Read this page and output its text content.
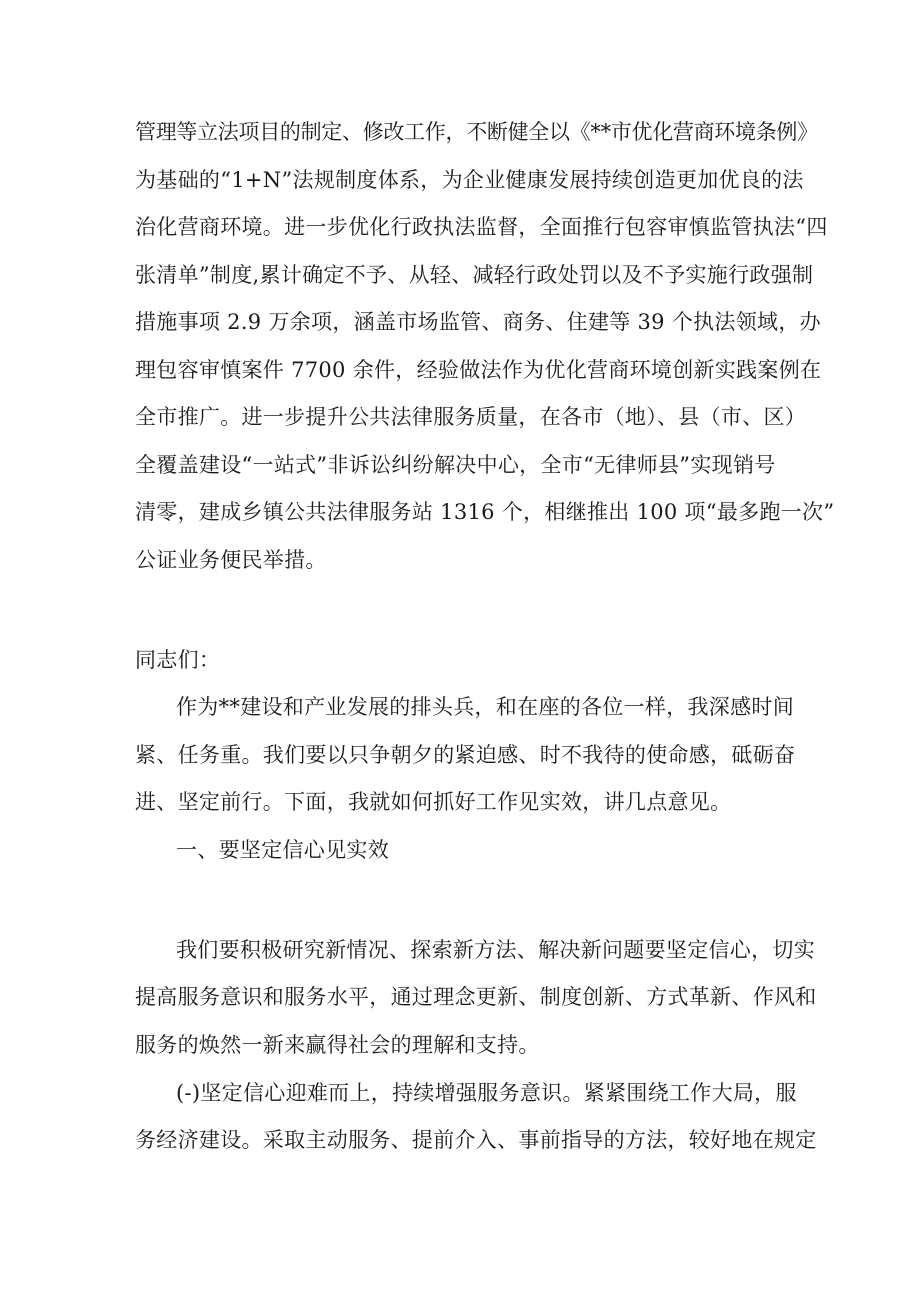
管理等立法项目的制定、修改工作，不断健全以《**市优化营商环境条例》
为基础的“1+N”法规制度体系，为企业健康发展持续创造更加优良的法
治化营商环境。进一步优化行政执法监督，全面推行包容审慎监管执法“四
张清单”制度,累计确定不予、从轻、减轻行政处罚以及不予实施行政强制
措施事项 2.9 万余项，涵盖市场监管、商务、住建等 39 个执法领域，办
理包容审慎案件 7700 余件，经验做法作为优化营商环境创新实践案例在
全市推广。进一步提升公共法律服务质量，在各市（地）、县（市、区）
全覆盖建设“一站式”非诉讼纠纷解决中心，全市“无律师县”实现销号
清零，建成乡镇公共法律服务站 1316 个，相继推出 100 项“最多跑一次”
公证业务便民举措。
同志们：
作为**建设和产业发展的排头兵，和在座的各位一样，我深感时间
紧、任务重。我们要以只争朝夕的紧迫感、时不我待的使命感，砥砺奋
进、坚定前行。下面，我就如何抓好工作见实效，讲几点意见。
一、要坚定信心见实效
我们要积极研究新情况、探索新方法、解决新问题要坚定信心，切实
提高服务意识和服务水平，通过理念更新、制度创新、方式革新、作风和
服务的焕然一新来赢得社会的理解和支持。
(-)坚定信心迎难而上，持续增强服务意识。紧紧围绕工作大局，服
务经济建设。采取主动服务、提前介入、事前指导的方法，较好地在规定
